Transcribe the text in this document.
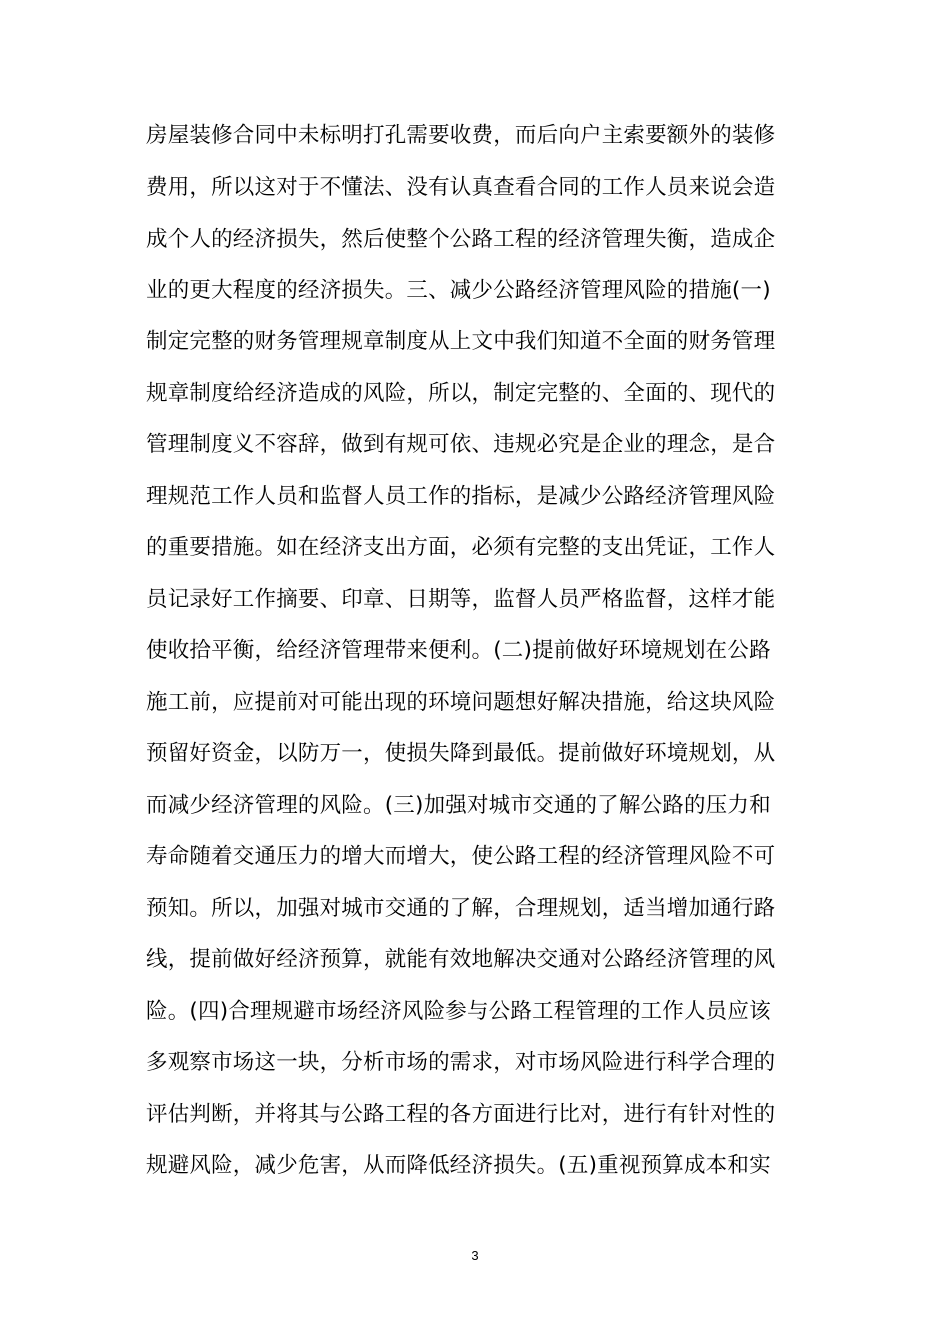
房屋装修合同中未标明打孔需要收费，而后向户主索要额外的装修
费用，所以这对于不懂法、没有认真查看合同的工作人员来说会造
成个人的经济损失，然后使整个公路工程的经济管理失衡，造成企
业的更大程度的经济损失。三、减少公路经济管理风险的措施(一)
制定完整的财务管理规章制度从上文中我们知道不全面的财务管理
规章制度给经济造成的风险，所以，制定完整的、全面的、现代的
管理制度义不容辞，做到有规可依、违规必究是企业的理念，是合
理规范工作人员和监督人员工作的指标，是减少公路经济管理风险
的重要措施。如在经济支出方面，必须有完整的支出凭证，工作人
员记录好工作摘要、印章、日期等，监督人员严格监督，这样才能
使收拾平衡，给经济管理带来便利。(二)提前做好环境规划在公路
施工前，应提前对可能出现的环境问题想好解决措施，给这块风险
预留好资金，以防万一，使损失降到最低。提前做好环境规划，从
而减少经济管理的风险。(三)加强对城市交通的了解公路的压力和
寿命随着交通压力的增大而增大，使公路工程的经济管理风险不可
预知。所以，加强对城市交通的了解，合理规划，适当增加通行路
线，提前做好经济预算，就能有效地解决交通对公路经济管理的风
险。(四)合理规避市场经济风险参与公路工程管理的工作人员应该
多观察市场这一块，分析市场的需求，对市场风险进行科学合理的
评估判断，并将其与公路工程的各方面进行比对，进行有针对性的
规避风险，减少危害，从而降低经济损失。(五)重视预算成本和实
3
